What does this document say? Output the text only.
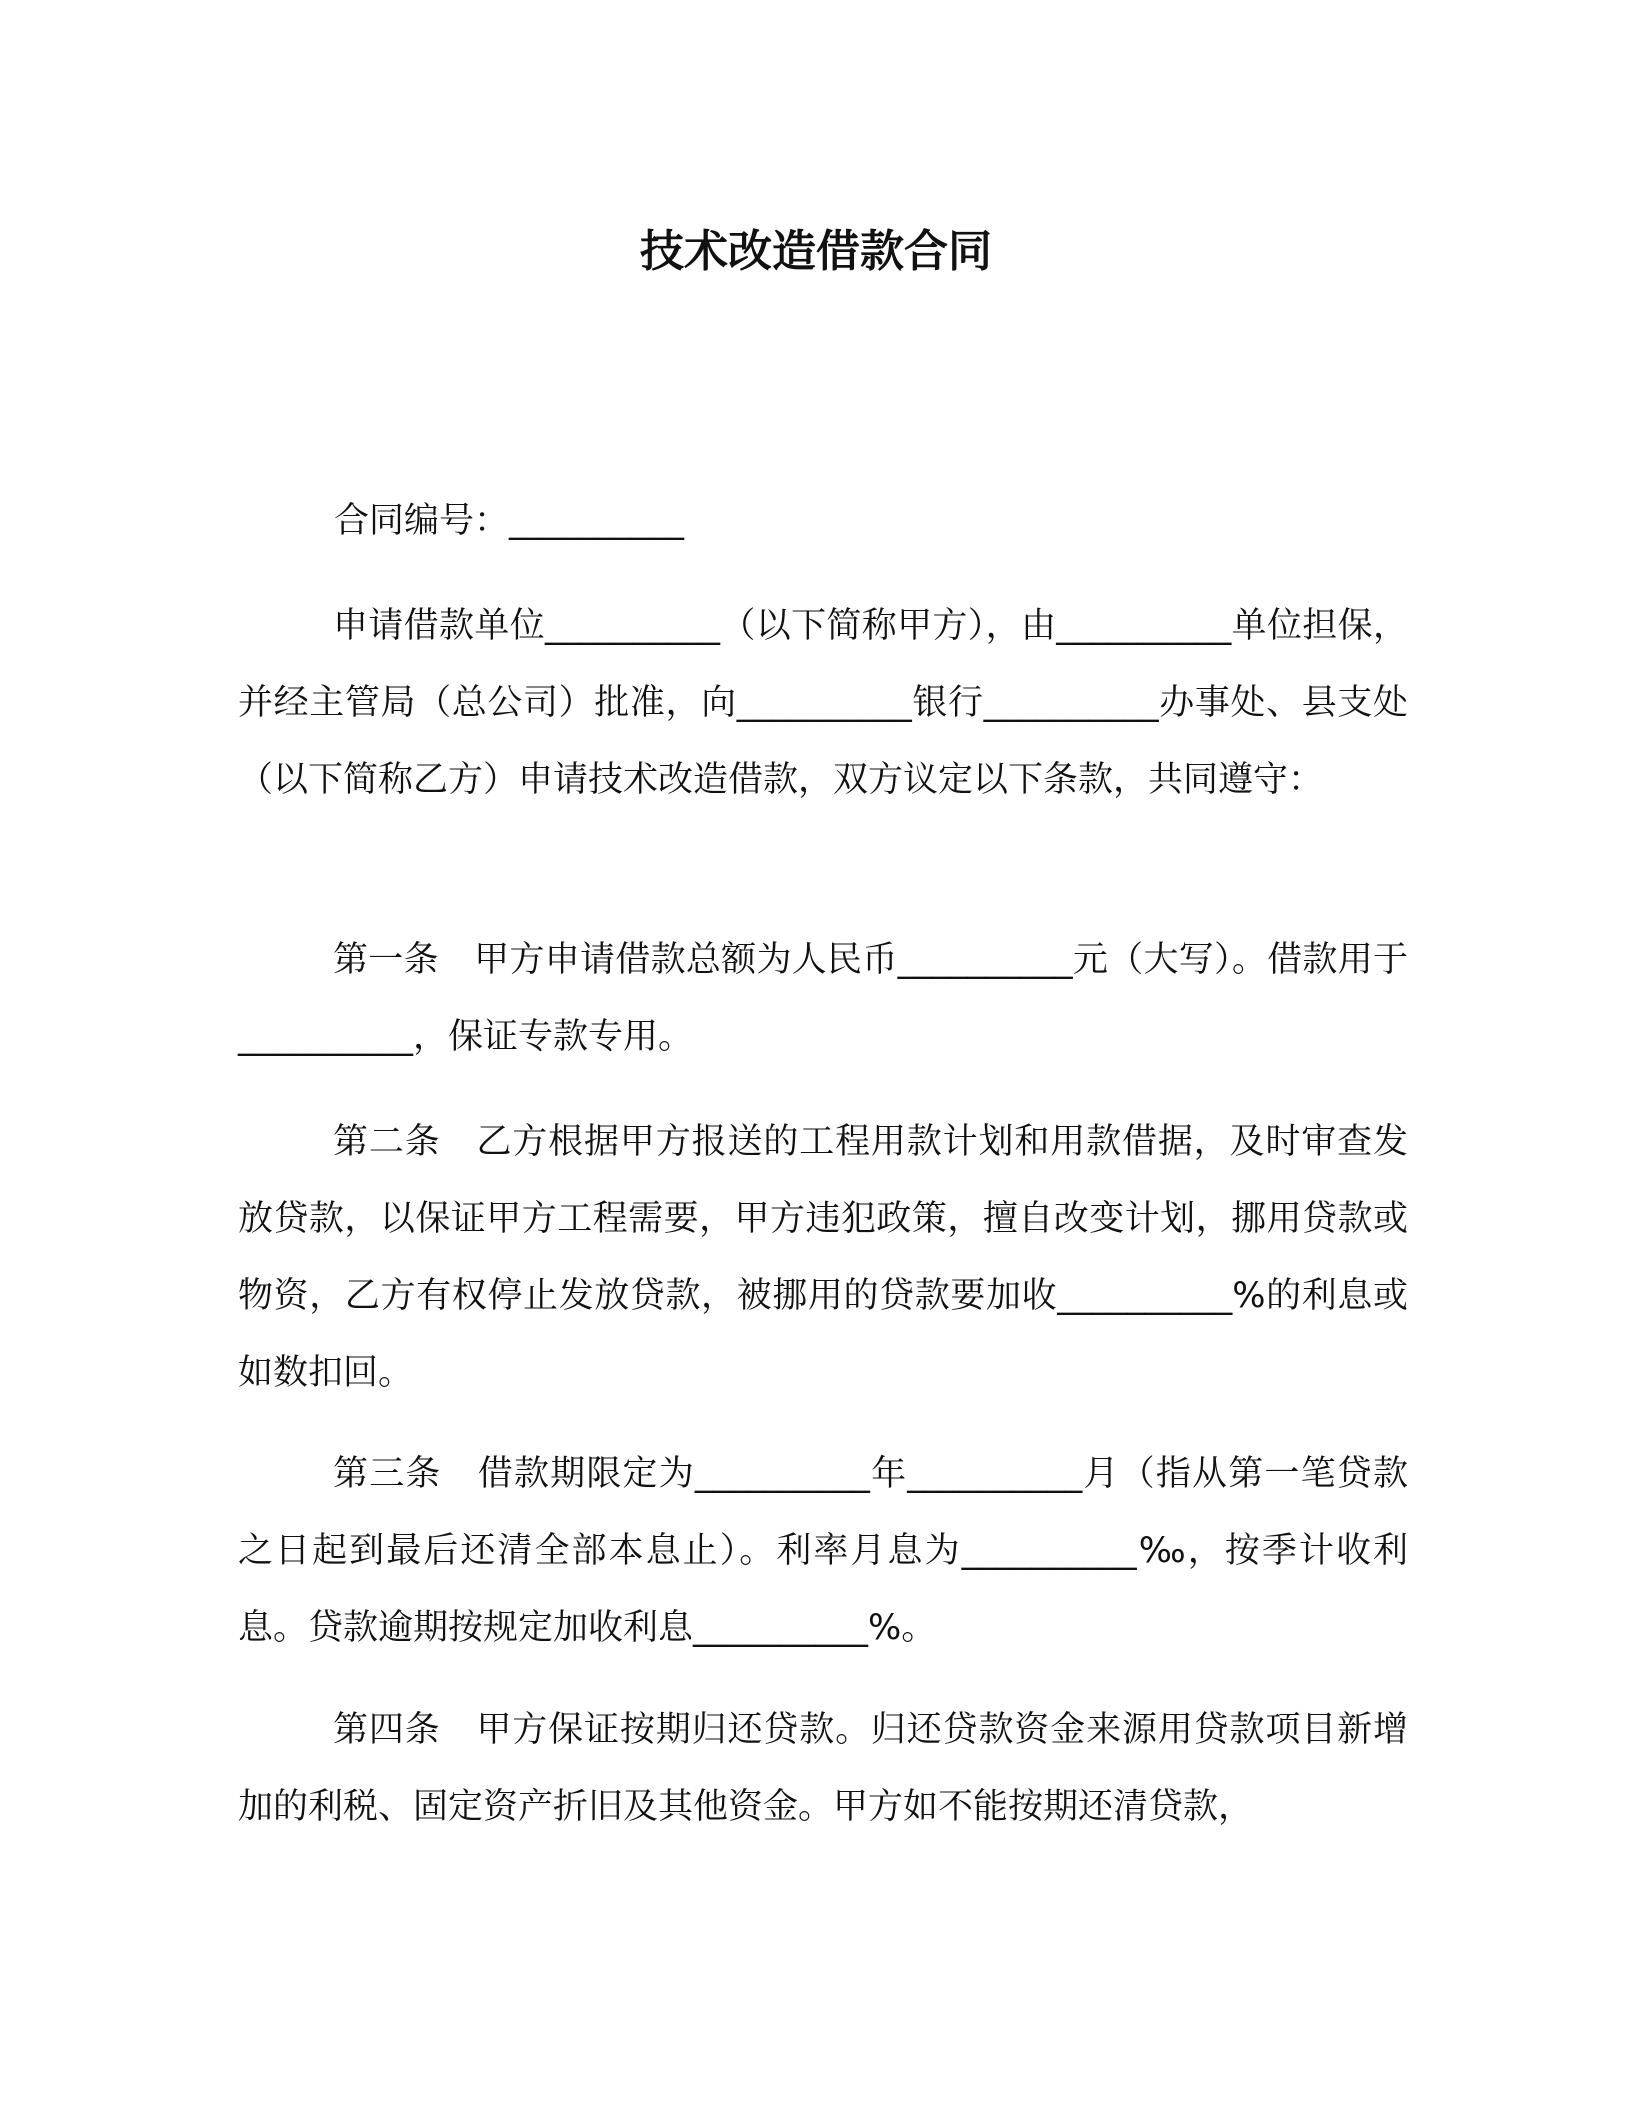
技术改造借款合同

合同编号：__________

申请借款单位__________（以下简称甲方），由__________单位担保，并经主管局（总公司）批准，向__________银行__________办事处、县支处（以下简称乙方）申请技术改造借款，双方议定以下条款，共同遵守：

第一条　甲方申请借款总额为人民币__________元（大写）。借款用于__________，保证专款专用。

第二条　乙方根据甲方报送的工程用款计划和用款借据，及时审查发放贷款，以保证甲方工程需要，甲方违犯政策，擅自改变计划，挪用贷款或物资，乙方有权停止发放贷款，被挪用的贷款要加收__________%的利息或如数扣回。

第三条　借款期限定为__________年__________月（指从第一笔贷款之日起到最后还清全部本息止）。利率月息为__________‰，按季计收利息。贷款逾期按规定加收利息__________%。

第四条　甲方保证按期归还贷款。归还贷款资金来源用贷款项目新增加的利税、固定资产折旧及其他资金。甲方如不能按期还清贷款，
